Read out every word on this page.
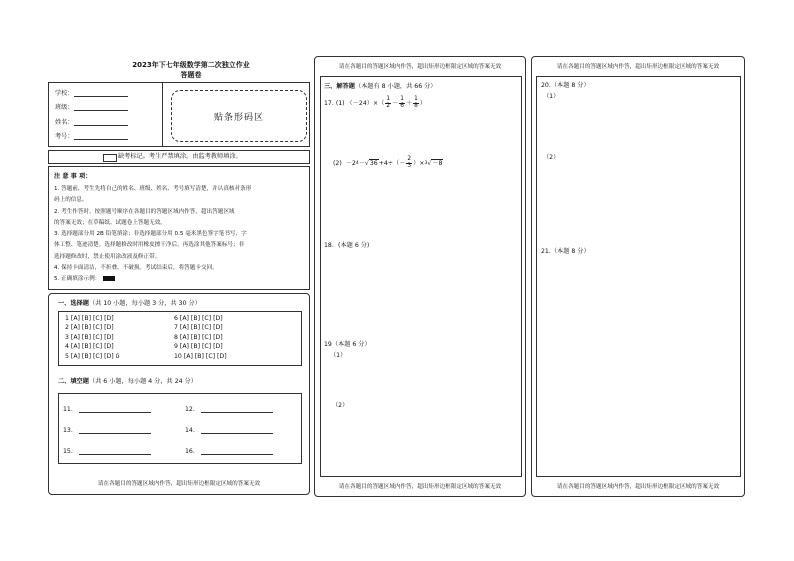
2023年下七年级数学第二次独立作业
答题卷
学校：
班级：
姓名：
考号：
贴条形码区
缺考标记。考生严禁填涂，由监考教师填涂。
注 意 事 项：
1. 答题前，考生先将自己的姓名、班级、姓名、考号填写清楚，并认真核对条形
码上的信息。
2. 考生作答时，按照题号顺序在各题目的答题区域内作答，超出答题区域
的答案无效；在草稿纸、试题卷上答题无效。
3. 选择题部分用 2B 铅笔填涂；非选择题部分用 0.5 毫米黑色签字笔书写，字
体工整、笔迹清楚。选择题修改时用橡皮擦干净后，再选涂其他答案标号；非
选择题修改时，禁止使用涂改液及修正带。
4. 保持卡面清洁，不折叠、不破损。考试结束后，将答题卡交回。
5. 正确填涂示例：
一、选择题（共 10 小题，每小题 3 分，共 30 分）
1 [A] [B] [C] [D]
2 [A] [B] [C] [D]
3 [A] [B] [C] [D]
4 [A] [B] [C] [D]
5 [A] [B] [C] [D] δ
6 [A] [B] [C] [D]
7 [A] [B] [C] [D]
8 [A] [B] [C] [D]
9 [A] [B] [C] [D]
10 [A] [B] [C] [D]
二、填空题（共 6 小题，每小题 4 分，共 24 分）
11.	12.
13.	14.
15.	16.
请在各题目的答题区域内作答，超出矩形边框限定区域的答案无效
请在各题目的答题区域内作答，超出矩形边框限定区域的答案无效
三、解答题（本题有 8 小题，共 66 分）
17.
(1)
$(-24)\times( \frac{1}{2} - \frac{1}{6} + \frac{1}{8}$ ）
(2)
－2 4 － √ $36 +4\div(- \frac{2}{3}$ ）× 3 √ －8
18．(本题 6 分)
19（本题 6 分）
（1）
（2）
请在各题目的答题区域内作答，超出矩形边框限定区域的答案无效
请在各题目的答题区域内作答，超出矩形边框限定区域的答案无效
20.（本题 8 分）
（1）
（2）
21.（本题 8 分）
请在各题目的答题区域内作答，超出矩形边框限定区域的答案无效
